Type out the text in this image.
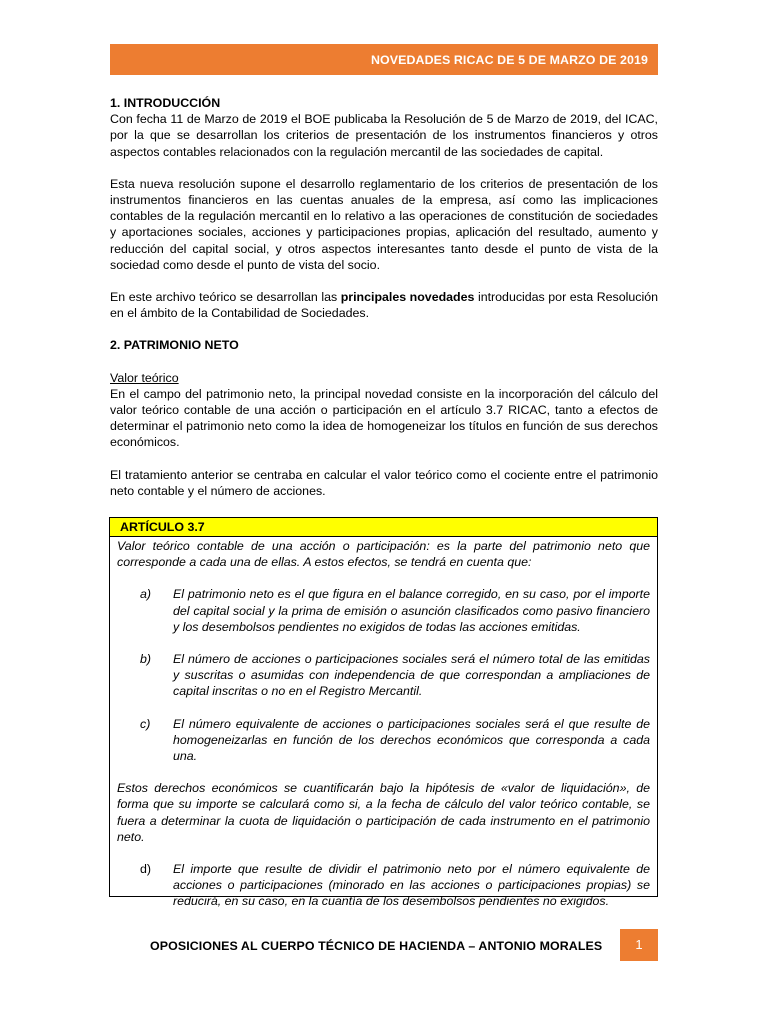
NOVEDADES RICAC DE 5 DE MARZO DE 2019

1. INTRODUCCIÓN

Con fecha 11 de Marzo de 2019 el BOE publicaba la Resolución de 5 de Marzo de 2019, del ICAC, por la que se desarrollan los criterios de presentación de los instrumentos financieros y otros aspectos contables relacionados con la regulación mercantil de las sociedades de capital.

Esta nueva resolución supone el desarrollo reglamentario de los criterios de presentación de los instrumentos financieros en las cuentas anuales de la empresa, así como las implicaciones contables de la regulación mercantil en lo relativo a las operaciones de constitución de sociedades y aportaciones sociales, acciones y participaciones propias, aplicación del resultado, aumento y reducción del capital social, y otros aspectos interesantes tanto desde el punto de vista de la sociedad como desde el punto de vista del socio.

En este archivo teórico se desarrollan las principales novedades introducidas por esta Resolución en el ámbito de la Contabilidad de Sociedades.

2. PATRIMONIO NETO

Valor teórico

En el campo del patrimonio neto, la principal novedad consiste en la incorporación del cálculo del valor teórico contable de una acción o participación en el artículo 3.7 RICAC, tanto a efectos de determinar el patrimonio neto como la idea de homogeneizar los títulos en función de sus derechos económicos.

El tratamiento anterior se centraba en calcular el valor teórico como el cociente entre el patrimonio neto contable y el número de acciones.

ARTÍCULO 3.7

Valor teórico contable de una acción o participación: es la parte del patrimonio neto que corresponde a cada una de ellas. A estos efectos, se tendrá en cuenta que:

a)	El patrimonio neto es el que figura en el balance corregido, en su caso, por el importe del capital social y la prima de emisión o asunción clasificados como pasivo financiero y los desembolsos pendientes no exigidos de todas las acciones emitidas.
b)	El número de acciones o participaciones sociales será el número total de las emitidas y suscritas o asumidas con independencia de que correspondan a ampliaciones de capital inscritas o no en el Registro Mercantil.
c)	El número equivalente de acciones o participaciones sociales será el que resulte de homogeneizarlas en función de los derechos económicos que corresponda a cada una.

Estos derechos económicos se cuantificarán bajo la hipótesis de «valor de liquidación», de forma que su importe se calculará como si, a la fecha de cálculo del valor teórico contable, se fuera a determinar la cuota de liquidación o participación de cada instrumento en el patrimonio neto.

d)	El importe que resulte de dividir el patrimonio neto por el número equivalente de acciones o participaciones (minorado en las acciones o participaciones propias) se reducirá, en su caso, en la cuantía de los desembolsos pendientes no exigidos.
OPOSICIONES AL CUERPO TÉCNICO DE HACIENDA – ANTONIO MORALES	1
